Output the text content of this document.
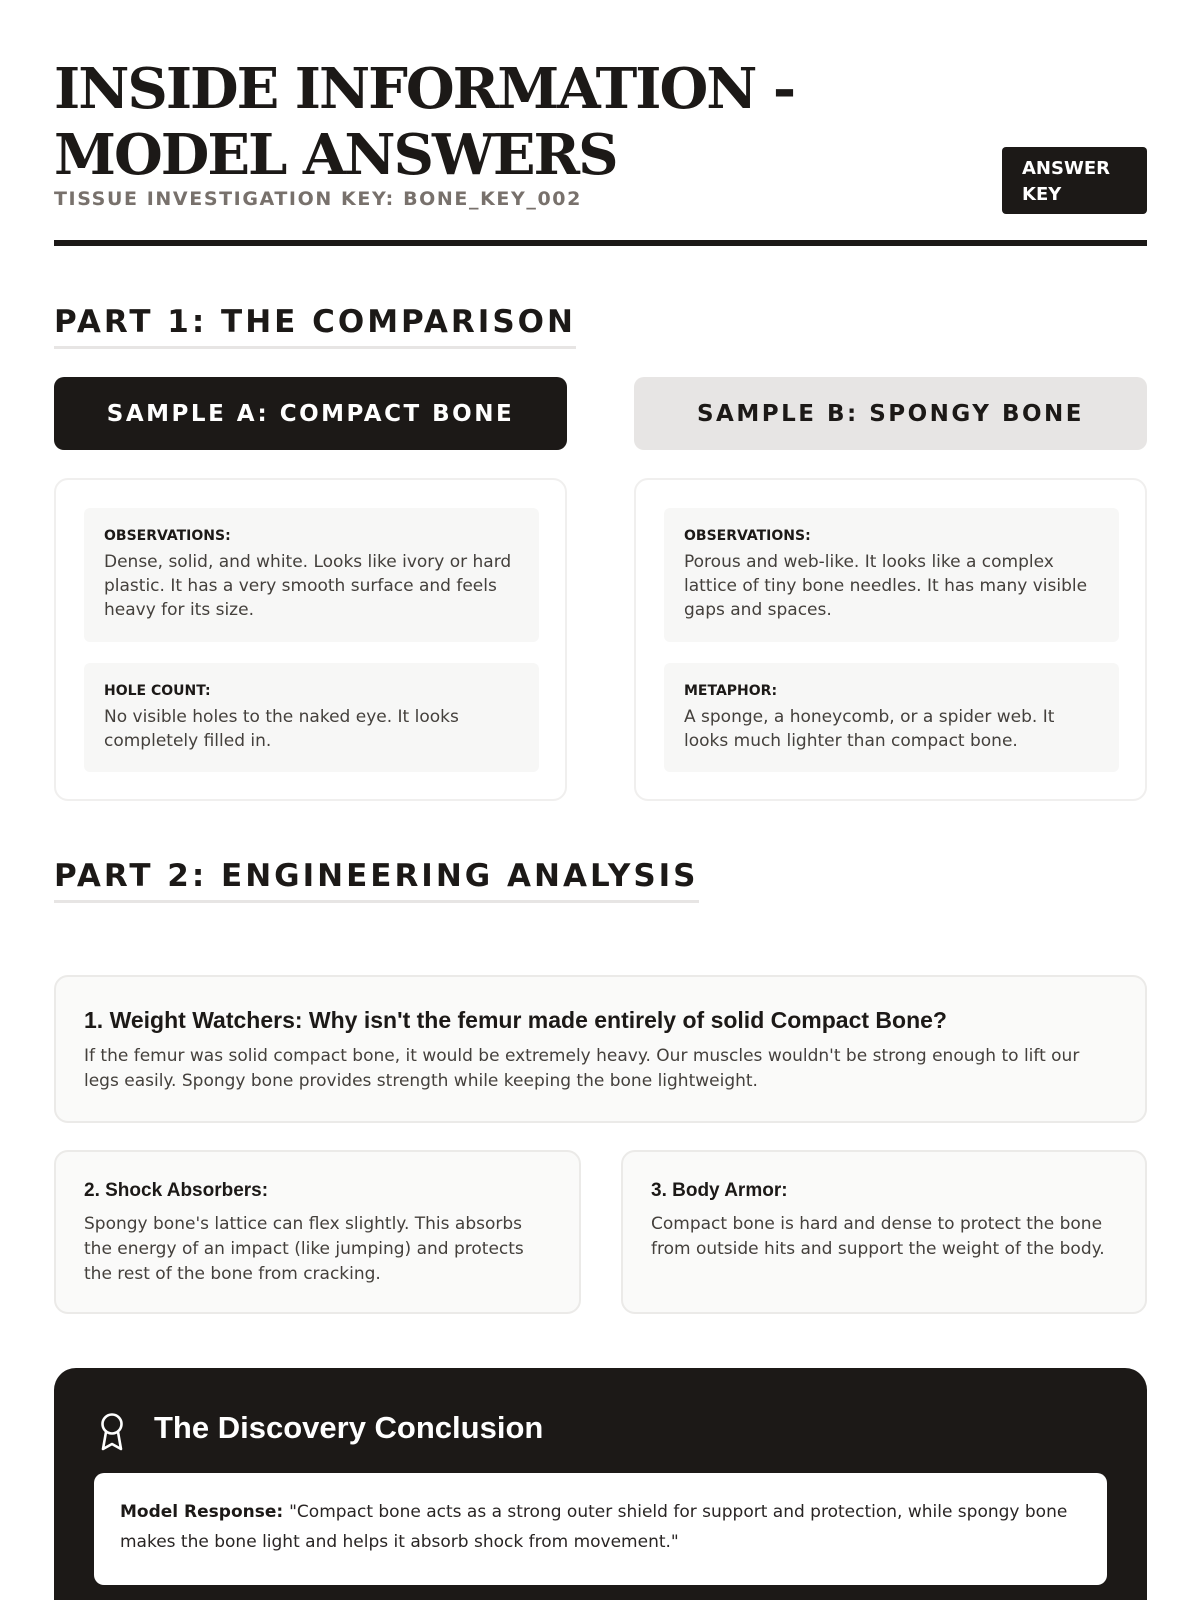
INSIDE INFORMATION - MODEL ANSWERS
TISSUE INVESTIGATION KEY: BONE_KEY_002
ANSWER KEY
PART 1: THE COMPARISON
SAMPLE A: COMPACT BONE	SAMPLE B: SPONGY BONE
OBSERVATIONS:
Dense, solid, and white. Looks like ivory or hard plastic. It has a very smooth surface and feels heavy for its size.
HOLE COUNT:
No visible holes to the naked eye. It looks completely filled in.
OBSERVATIONS:
Porous and web-like. It looks like a complex lattice of tiny bone needles. It has many visible gaps and spaces.
METAPHOR:
A sponge, a honeycomb, or a spider web. It looks much lighter than compact bone.
PART 2: ENGINEERING ANALYSIS
1. Weight Watchers: Why isn't the femur made entirely of solid Compact Bone?
If the femur was solid compact bone, it would be extremely heavy. Our muscles wouldn't be strong enough to lift our legs easily. Spongy bone provides strength while keeping the bone lightweight.
2. Shock Absorbers:
Spongy bone's lattice can flex slightly. This absorbs the energy of an impact (like jumping) and protects the rest of the bone from cracking.
3. Body Armor:
Compact bone is hard and dense to protect the bone from outside hits and support the weight of the body.
The Discovery Conclusion
Model Response: "Compact bone acts as a strong outer shield for support and protection, while spongy bone makes the bone light and helps it absorb shock from movement."
